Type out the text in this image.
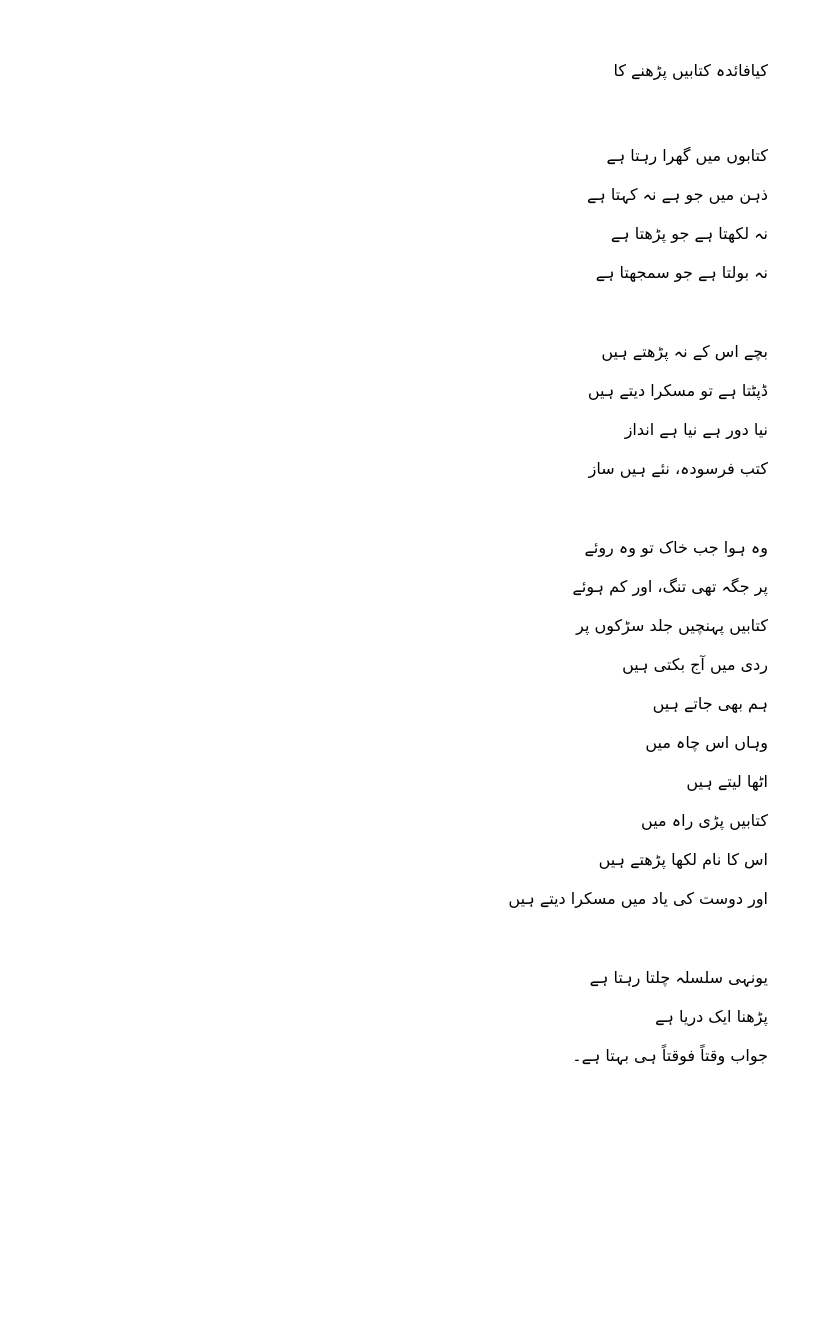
کیافائدہ کتابیں پڑھنے کا
کتابوں میں گھرا رہتا ہے
ذہن میں جو ہے نہ کہتا ہے
نہ لکھتا ہے جو پڑھتا ہے
نہ بولتا ہے جو سمجھتا ہے
بچے اس کے نہ پڑھتے ہیں
ڈپٹتا ہے تو مسکرا دیتے ہیں
نیا دور ہے نیا ہے انداز
کتب فرسودہ، نئے ہیں ساز
وہ ہوا جب خاک تو وہ روئے
پر جگہ تھی تنگ، اور کم ہوئے
کتابیں پہنچیں جلد سڑکوں پر
ردی میں آج بکتی ہیں
ہم بھی جاتے ہیں
وہاں اس چاہ میں
اٹھا لیتے ہیں
کتابیں پڑی راہ میں
اس کا نام لکھا پڑھتے ہیں
اور دوست کی یاد میں مسکرا دیتے ہیں
یونہی سلسلہ چلتا رہتا ہے
پڑھنا ایک دریا ہے
جواب وقتاً فوقتاً ہی بہتا ہے۔
